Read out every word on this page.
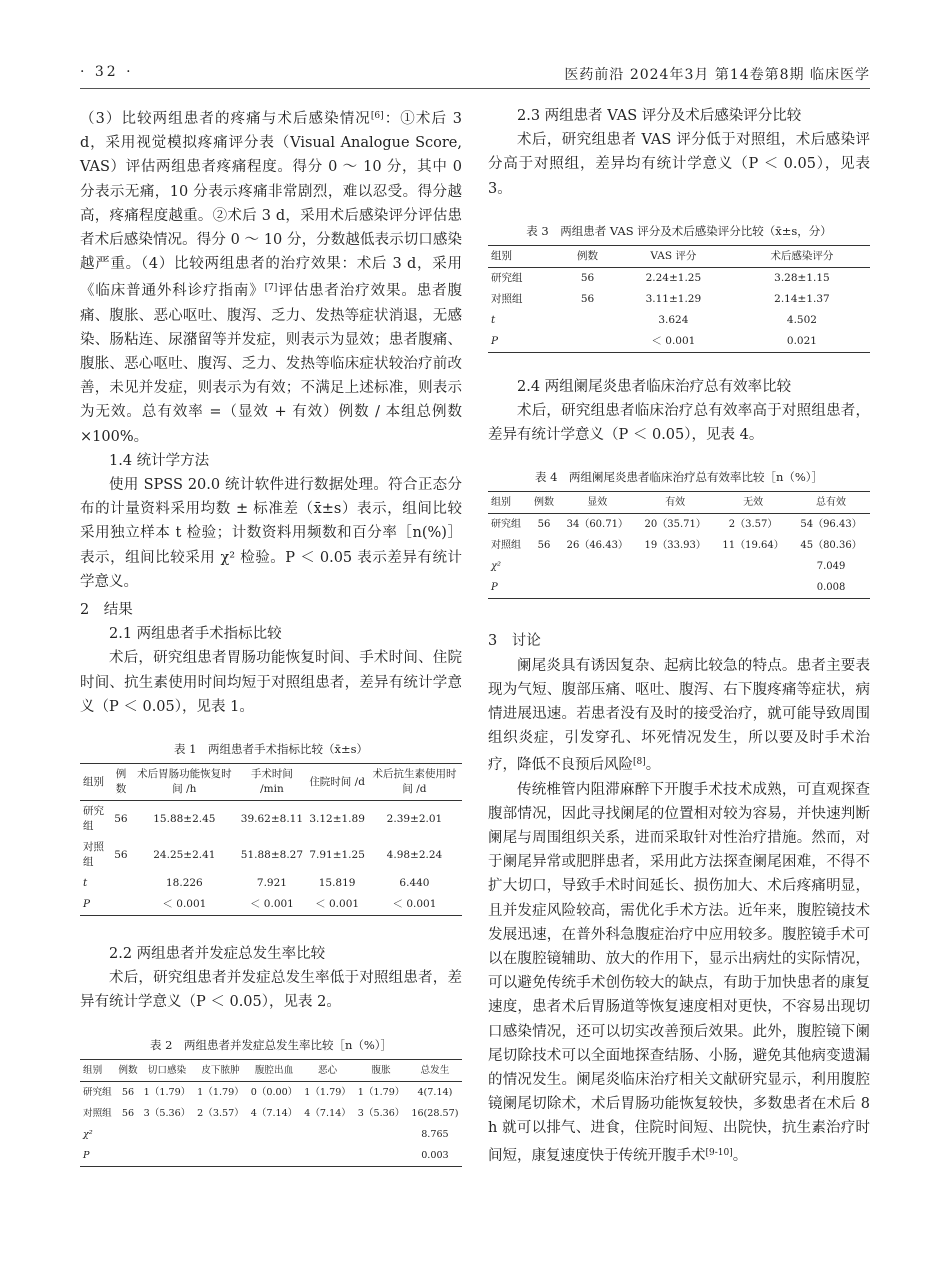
· 32 ·	医药前沿 2024年3月 第14卷第8期 临床医学

（3）比较两组患者的疼痛与术后感染情况[6]：①术后 3 d，采用视觉模拟疼痛评分表（Visual Analogue Score, VAS）评估两组患者疼痛程度。得分 0 ～ 10 分，其中 0 分表示无痛，10 分表示疼痛非常剧烈，难以忍受。得分越高，疼痛程度越重。②术后 3 d，采用术后感染评分评估患者术后感染情况。得分 0 ～ 10 分，分数越低表示切口感染越严重。（4）比较两组患者的治疗效果：术后 3 d，采用《临床普通外科诊疗指南》[7]评估患者治疗效果。患者腹痛、腹胀、恶心呕吐、腹泻、乏力、发热等症状消退，无感染、肠粘连、尿潴留等并发症，则表示为显效；患者腹痛、腹胀、恶心呕吐、腹泻、乏力、发热等临床症状较治疗前改善，未见并发症，则表示为有效；不满足上述标准，则表示为无效。总有效率 =（显效 + 有效）例数 / 本组总例数 ×100%。

1.4 统计学方法

使用 SPSS 20.0 统计软件进行数据处理。符合正态分布的计量资料采用均数 ± 标准差（x̄±s）表示，组间比较采用独立样本 t 检验；计数资料用频数和百分率［n(%)］表示，组间比较采用 χ² 检验。P ＜ 0.05 表示差异有统计学意义。

2　结果

2.1 两组患者手术指标比较

术后，研究组患者胃肠功能恢复时间、手术时间、住院时间、抗生素使用时间均短于对照组患者，差异有统计学意义（P ＜ 0.05），见表 1。

表 1　两组患者手术指标比较（x̄±s）

组别	例数	术后胃肠功能恢复时间 /h	手术时间 /min	住院时间 /d	术后抗生素使用时间 /d
研究组	56	15.88±2.45	39.62±8.11	3.12±1.89	2.39±2.01
对照组	56	24.25±2.41	51.88±8.27	7.91±1.25	4.98±2.24
t		18.226	7.921	15.819	6.440
P		＜ 0.001	＜ 0.001	＜ 0.001	＜ 0.001

2.2 两组患者并发症总发生率比较

术后，研究组患者并发症总发生率低于对照组患者，差异有统计学意义（P ＜ 0.05），见表 2。

表 2　两组患者并发症总发生率比较［n（%）］

组别	例数	切口感染	皮下脓肿	腹腔出血	恶心	腹胀	总发生
研究组	56	1（1.79）	1（1.79）	0（0.00）	1（1.79）	1（1.79）	4(7.14)
对照组	56	3（5.36）	2（3.57）	4（7.14）	4（7.14）	3（5.36）	16(28.57)
χ²							8.765
P							0.003

2.3 两组患者 VAS 评分及术后感染评分比较

术后，研究组患者 VAS 评分低于对照组，术后感染评分高于对照组，差异均有统计学意义（P ＜ 0.05），见表 3。

表 3　两组患者 VAS 评分及术后感染评分比较（x̄±s，分）

组别	例数	VAS 评分	术后感染评分
研究组	56	2.24±1.25	3.28±1.15
对照组	56	3.11±1.29	2.14±1.37
t		3.624	4.502
P		＜ 0.001	0.021

2.4 两组阑尾炎患者临床治疗总有效率比较

术后，研究组患者临床治疗总有效率高于对照组患者，差异有统计学意义（P ＜ 0.05），见表 4。

表 4　两组阑尾炎患者临床治疗总有效率比较［n（%）］

组别	例数	显效	有效	无效	总有效
研究组	56	34（60.71）	20（35.71）	2（3.57）	54（96.43）
对照组	56	26（46.43）	19（33.93）	11（19.64）	45（80.36）
χ²					7.049
P					0.008

3　讨论

阑尾炎具有诱因复杂、起病比较急的特点。患者主要表现为气短、腹部压痛、呕吐、腹泻、右下腹疼痛等症状，病情进展迅速。若患者没有及时的接受治疗，就可能导致周围组织炎症，引发穿孔、坏死情况发生，所以要及时手术治疗，降低不良预后风险[8]。

传统椎管内阻滞麻醉下开腹手术技术成熟，可直观探查腹部情况，因此寻找阑尾的位置相对较为容易，并快速判断阑尾与周围组织关系，进而采取针对性治疗措施。然而，对于阑尾异常或肥胖患者，采用此方法探查阑尾困难，不得不扩大切口，导致手术时间延长、损伤加大、术后疼痛明显，且并发症风险较高，需优化手术方法。近年来，腹腔镜技术发展迅速，在普外科急腹症治疗中应用较多。腹腔镜手术可以在腹腔镜辅助、放大的作用下，显示出病灶的实际情况，可以避免传统手术创伤较大的缺点，有助于加快患者的康复速度，患者术后胃肠道等恢复速度相对更快，不容易出现切口感染情况，还可以切实改善预后效果。此外，腹腔镜下阑尾切除技术可以全面地探查结肠、小肠，避免其他病变遗漏的情况发生。阑尾炎临床治疗相关文献研究显示，利用腹腔镜阑尾切除术，术后胃肠功能恢复较快，多数患者在术后 8 h 就可以排气、进食，住院时间短、出院快，抗生素治疗时间短，康复速度快于传统开腹手术[9-10]。
